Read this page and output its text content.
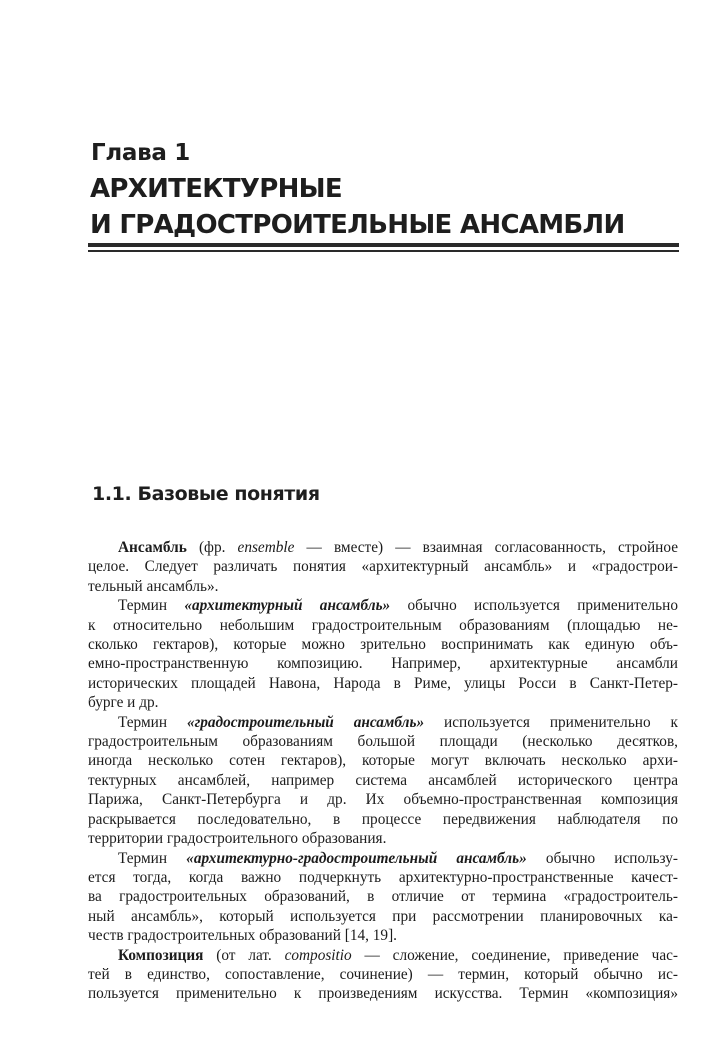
Глава 1
АРХИТЕКТУРНЫЕ
И ГРАДОСТРОИТЕЛЬНЫЕ АНСАМБЛИ
1.1. Базовые понятия
Ансамбль (фр. ensemble — вместе) — взаимная согласованность, стройное
целое. Следует различать понятия «архитектурный ансамбль» и «градострои-
тельный ансамбль».
Термин «архитектурный ансамбль» обычно используется применительно
к относительно небольшим градостроительным образованиям (площадью не-
сколько гектаров), которые можно зрительно воспринимать как единую объ-
емно-пространственную композицию. Например, архитектурные ансамбли
исторических площадей Навона, Народа в Риме, улицы Росси в Санкт-Петер-
бурге и др.
Термин «градостроительный ансамбль» используется применительно к
градостроительным образованиям большой площади (несколько десятков,
иногда несколько сотен гектаров), которые могут включать несколько архи-
тектурных ансамблей, например система ансамблей исторического центра
Парижа, Санкт-Петербурга и др. Их объемно-пространственная композиция
раскрывается последовательно, в процессе передвижения наблюдателя по
территории градостроительного образования.
Термин «архитектурно-градостроительный ансамбль» обычно использу-
ется тогда, когда важно подчеркнуть архитектурно-пространственные качест-
ва градостроительных образований, в отличие от термина «градостроитель-
ный ансамбль», который используется при рассмотрении планировочных ка-
честв градостроительных образований [14, 19].
Композиция (от лат. compositio — сложение, соединение, приведение час-
тей в единство, сопоставление, сочинение) — термин, который обычно ис-
пользуется применительно к произведениям искусства. Термин «композиция»
